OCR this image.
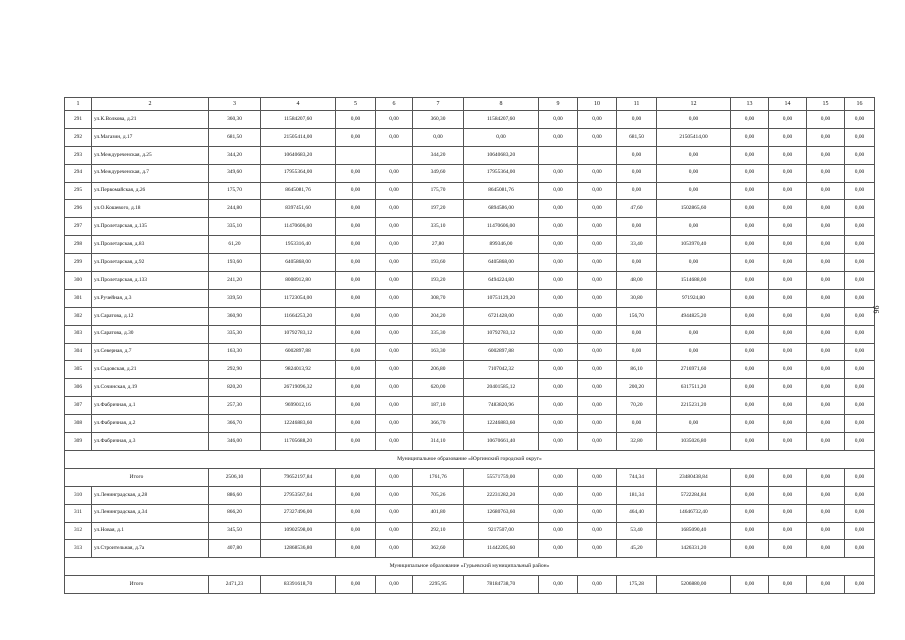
1	2	3	4	5	6	7	8	9	10	11	12	13	14	15	16
291	ул.К.Волкова, д.21	360,30	11584207,60	0,00	0,00	360,30	11584207,60	0,00	0,00	0,00	0,00	0,00	0,00	0,00	0,00
292	ул.Магазин, д.17	681,50	21505414,00	0,00	0,00	0,00	0,00	0,00	0,00	681,50	21505414,00	0,00	0,00	0,00	0,00
293	ул.Междуреченская, д.25	344,20	10640683,20			344,20	10640683,20			0,00	0,00	0,00	0,00	0,00	0,00
294	ул.Междуреченская, д.7	349,60	17955364,00	0,00	0,00	349,60	17955364,00	0,00	0,00	0,00	0,00	0,00	0,00	0,00	0,00
295	ул.Первомайская, д.26	175,70	8645081,76	0,00	0,00	175,70	8645081,76	0,00	0,00	0,00	0,00	0,00	0,00	0,00	0,00
296	ул.О.Кошевого, д.18	244,80	8397451,60	0,00	0,00	197,20	6894586,00	0,00	0,00	47,60	1502865,60	0,00	0,00	0,00	0,00
297	ул.Пролетарская, д.135	335,10	11470606,00	0,00	0,00	335,10	11470606,00	0,00	0,00	0,00	0,00	0,00	0,00	0,00	0,00
298	ул.Пролетарская, д.83	61,20	1953316,40	0,00	0,00	27,80	899346,00	0,00	0,00	33,40	1053970,40	0,00	0,00	0,00	0,00
299	ул.Пролетарская, д.92	193,60	6405868,00	0,00	0,00	193,60	6405868,00	0,00	0,00	0,00	0,00	0,00	0,00	0,00	0,00
300	ул.Пролетарская, д.133	241,20	8008912,80	0,00	0,00	193,20	6494224,80	0,00	0,00	48,00	1514688,00	0,00	0,00	0,00	0,00
301	ул.Ручейная, д.3	339,50	11723054,00	0,00	0,00	308,70	10751129,20	0,00	0,00	30,80	971924,80	0,00	0,00	0,00	0,00
302	ул.Саратова, д.12	360,90	11664253,20	0,00	0,00	204,20	6721428,00	0,00	0,00	156,70	4944825,20	0,00	0,00	0,00	0,00
303	ул.Саратова, д.30	335,30	10792783,12	0,00	0,00	335,30	10792783,12	0,00	0,00	0,00	0,00	0,00	0,00	0,00	0,00
304	ул.Северная, д.7	163,30	6002897,88	0,00	0,00	163,30	6002897,88	0,00	0,00	0,00	0,00	0,00	0,00	0,00	0,00
305	ул.Садовская, д.21	292,90	9824013,92	0,00	0,00	206,80	7107042,32	0,00	0,00	86,10	2716971,60	0,00	0,00	0,00	0,00
306	ул.Сочинская, д.19	820,20	26719096,32	0,00	0,00	620,00	20401585,12	0,00	0,00	200,20	6317511,20	0,00	0,00	0,00	0,00
307	ул.Фабричная, д.1	257,30	9699012,16	0,00	0,00	187,10	7483820,96	0,00	0,00	70,20	2215231,20	0,00	0,00	0,00	0,00
308	ул.Фабричная, д.2	366,70	12246883,60	0,00	0,00	366,70	12246883,60	0,00	0,00	0,00	0,00	0,00	0,00	0,00	0,00
309	ул.Фабричная, д.3	346,00	11705688,20	0,00	0,00	314,10	10670661,40	0,00	0,00	32,80	1035026,80	0,00	0,00	0,00	0,00
Муниципальное образование «Юргинский городской округ»															
Итого		2506,10	79652197,84	0,00	0,00	1761,76	55571759,00	0,00	0,00	744,34	23480438,84	0,00	0,00	0,00	0,00
310	ул.Ленинградская, д.28	886,60	27953567,04	0,00	0,00	705,26	22231282,20	0,00	0,00	181,34	5722284,84	0,00	0,00	0,00	0,00
311	ул.Ленинградская, д.34	866,20	27327496,00	0,00	0,00	401,80	12680763,60	0,00	0,00	464,40	14646732,40	0,00	0,00	0,00	0,00
312	ул.Новая, д.1	345,50	10902598,00	0,00	0,00	292,10	9217507,00	0,00	0,00	53,40	1685090,40	0,00	0,00	0,00	0,00
313	ул.Строительная, д.7а	407,80	12868536,80	0,00	0,00	362,60	11442205,60	0,00	0,00	45,20	1426331,20	0,00	0,00	0,00	0,00
Муниципальное образование «Гурьевский муниципальный район»															
Итого		2471,23	83391618,70	0,00	0,00	2295,95	78184738,70	0,00	0,00	175,28	5206880,00	0,00	0,00	0,00	0,00
96
